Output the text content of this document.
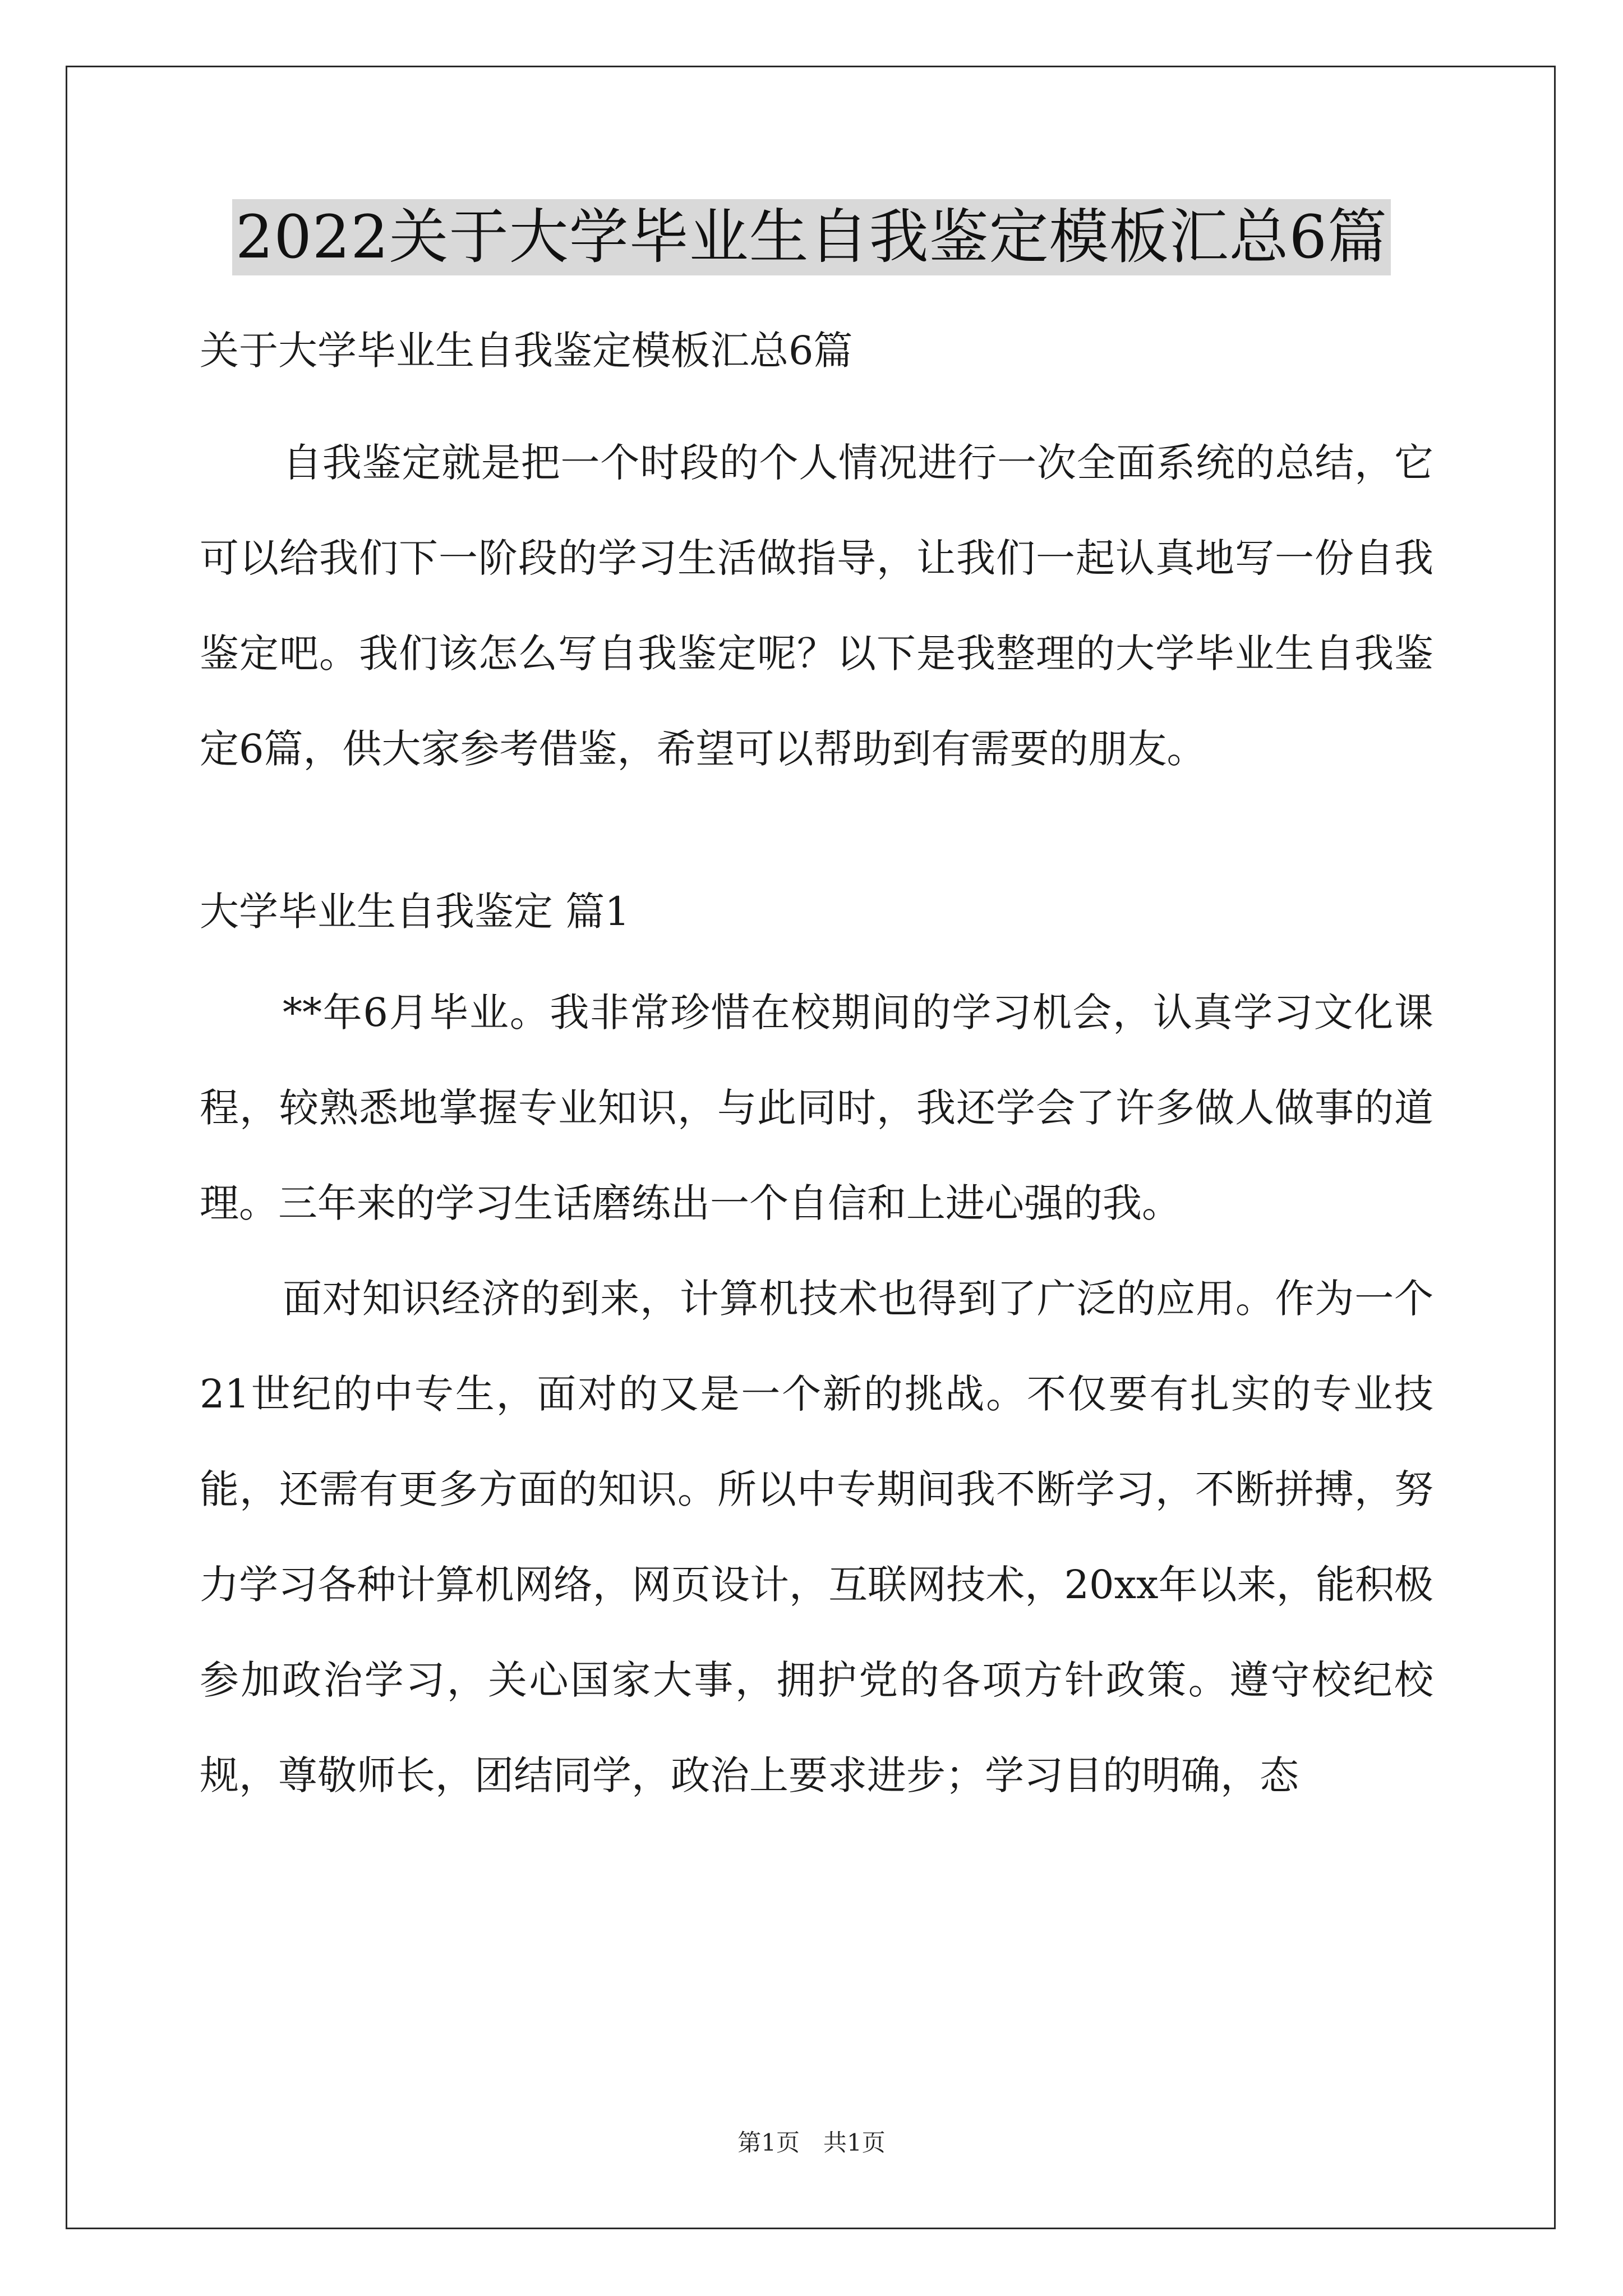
2022关于大学毕业生自我鉴定模板汇总6篇
关于大学毕业生自我鉴定模板汇总6篇

自我鉴定就是把一个时段的个人情况进行一次全面系统的总结，它可以给我们下一阶段的学习生活做指导，让我们一起认真地写一份自我鉴定吧。我们该怎么写自我鉴定呢？以下是我整理的大学毕业生自我鉴定6篇，供大家参考借鉴，希望可以帮助到有需要的朋友。

大学毕业生自我鉴定 篇1

**年6月毕业。我非常珍惜在校期间的学习机会，认真学习文化课程，较熟悉地掌握专业知识，与此同时，我还学会了许多做人做事的道理。三年来的学习生话磨练出一个自信和上进心强的我。

面对知识经济的到来，计算机技术也得到了广泛的应用。作为一个21世纪的中专生，面对的又是一个新的挑战。不仅要有扎实的专业技能，还需有更多方面的知识。所以中专期间我不断学习，不断拼搏，努力学习各种计算机网络，网页设计，互联网技术，20xx年以来，能积极参加政治学习，关心国家大事，拥护党的各项方针政策。遵守校纪校规，尊敬师长，团结同学，政治上要求进步；学习目的明确，态

第1页　共1页
